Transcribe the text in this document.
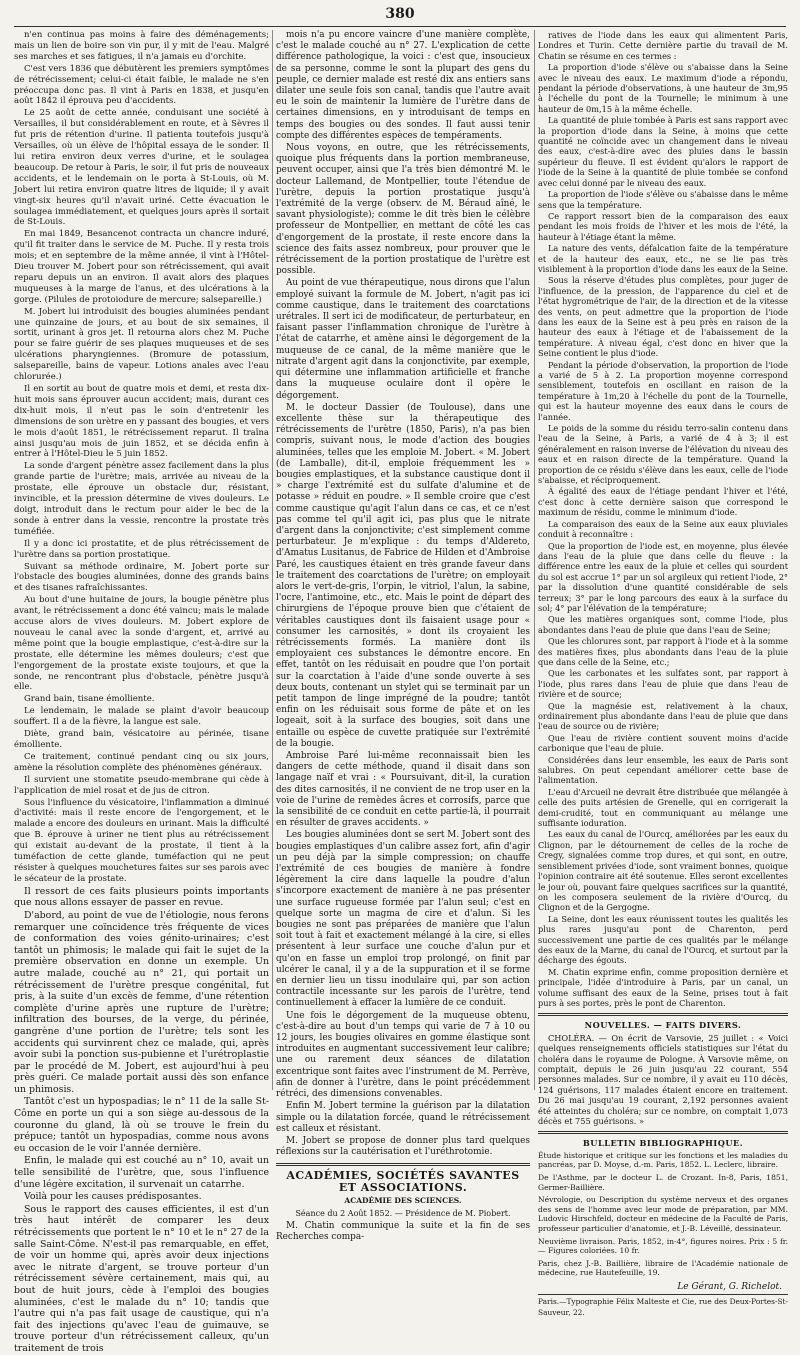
380

n'en continua pas moins à faire des déménagements; mais un lien de boire son vin pur, il y mit de l'eau. Malgré ses marches et ses fatigues, il n'a jamais eu d'orchite.

C'est vers 1836 que débutèrent les premiers symptômes de rétrécissement; celui-ci était faible, le malade ne s'en préoccupa donc pas. Il vint à Paris en 1838, et jusqu'en août 1842 il éprouva peu d'accidents.

Le 25 août de cette année, conduisant une société à Versailles, il but considérablement en route, et à Sèvres il fut pris de rétention d'urine. Il patienta toutefois jusqu'à Versailles, où un élève de l'hôpital essaya de le sonder. Il lui retira environ deux verres d'urine, et le soulagea beaucoup. De retour à Paris, le soir, il fut pris de nouveaux accidents, et le lendemain on le porta à St-Louis, où M. Jobert lui retira environ quatre litres de liquide; il y avait vingt-six heures qu'il n'avait uriné. Cette évacuation le soulagea immédiatement, et quelques jours après il sortait de St-Louis.

En mai 1849, Besancenot contracta un chancre induré, qu'il fit traiter dans le service de M. Puche. Il y resta trois mois; et en septembre de la même année, il vint à l'Hôtel-Dieu trouver M. Jobert pour son rétrécissement, qui avait reparu depuis un an environ. Il avait alors des plaques muqueuses à la marge de l'anus, et des ulcérations à la gorge. (Pilules de protoiodure de mercure; salsepareille.)

M. Jobert lui introduisit des bougies aluminées pendant une quinzaine de jours, et au bout de six semaines, il sortit, urinant à gros jet. Il retourna alors chez M. Puche pour se faire guérir de ses plaques muqueuses et de ses ulcérations pharyngiennes. (Bromure de potassium, salsepareille, bains de vapeur. Lotions anales avec l'eau chlorurée.)

Il en sortit au bout de quatre mois et demi, et resta dix-huit mois sans éprouver aucun accident; mais, durant ces dix-huit mois, il n'eut pas le soin d'entretenir les dimensions de son urètre en y passant des bougies, et vers le mois d'août 1851, le rétrécissement reparut. Il traîna ainsi jusqu'au mois de juin 1852, et se décida enfin à entrer à l'Hôtel-Dieu le 5 juin 1852.

La sonde d'argent pénètre assez facilement dans la plus grande partie de l'urètre; mais, arrivée au niveau de la prostate, elle éprouve un obstacle dur, résistant, invincible, et la pression détermine de vives douleurs. Le doigt, introduit dans le rectum pour aider le bec de la sonde à entrer dans la vessie, rencontre la prostate très tuméfiée.

Il y a donc ici prostatite, et de plus rétrécissement de l'urètre dans sa portion prostatique.

Suivant sa méthode ordinaire, M. Jobert porte sur l'obstacle des bougies aluminées, donne des grands bains et des tisanes rafraîchissantes.

Au bout d'une huitaine de jours, la bougie pénètre plus avant, le rétrécissement a donc été vaincu; mais le malade accuse alors de vives douleurs. M. Jobert explore de nouveau le canal avec la sonde d'argent, et, arrivé au même point que la bougie emplastique, c'est-à-dire sur la prostate, elle détermine les mêmes douleurs; c'est que l'engorgement de la prostate existe toujours, et que la sonde, ne rencontrant plus d'obstacle, pénètre jusqu'à elle.

Grand bain, tisane émolliente.

Le lendemain, le malade se plaint d'avoir beaucoup souffert. Il a de la fièvre, la langue est sale.

Diète, grand bain, vésicatoire au périnée, tisane émolliente.

Ce traitement, continué pendant cinq ou six jours, amène la résolution complète des phénomènes généraux.

Il survient une stomatite pseudo-membrane qui cède à l'application de miel rosat et de jus de citron.

Sous l'influence du vésicatoire, l'inflammation a diminué d'activité: mais il reste encore de l'engorgement, et le malade a encore des douleurs en urinant. Mais la difficulté que B. éprouve à uriner ne tient plus au rétrécissement qui existait au-devant de la prostate, il tient à la tuméfaction de cette glande, tuméfaction qui ne peut résister à quelques mouchetures faites sur ses parois avec le sécateur de la prostate.

Il ressort de ces faits plusieurs points importants que nous allons essayer de passer en revue.

D'abord, au point de vue de l'étiologie, nous ferons remarquer une coïncidence très fréquente de vices de conformation des voies génito-urinaires; c'est tantôt un phimosis; le malade qui fait le sujet de la première observation en donne un exemple. Un autre malade, couché au n° 21, qui portait un rétrécissement de l'urètre presque congénital, fut pris, à la suite d'un excès de femme, d'une rétention complète d'urine après une rupture de l'urètre; infiltration des bourses, de la verge, du périnée, gangrène d'une portion de l'urètre; tels sont les accidents qui survinrent chez ce malade, qui, après avoir subi la ponction sus-pubienne et l'urétroplastie par le procédé de M. Jobert, est aujourd'hui à peu près guéri. Ce malade portait aussi dès son enfance un phimosis.

Tantôt c'est un hypospadias; le n° 11 de la salle St-Côme en porte un qui a son siège au-dessous de la couronne du gland, là où se trouve le frein du prépuce; tantôt un hypospadias, comme nous avons eu occasion de le voir l'année dernière.

Enfin, le malade qui est couché au n° 10, avait un telle sensibilité de l'urètre, que, sous l'influence d'une légère excitation, il survenait un catarrhe.

Voilà pour les causes prédisposantes.

Sous le rapport des causes efficientes, il est d'un très haut intérêt de comparer les deux rétrécissements que portent le n° 10 et le n° 27 de la salle Saint-Côme. N'est-il pas remarquable, en effet, de voir un homme qui, après avoir deux injections avec le nitrate d'argent, se trouve porteur d'un rétrécissement sévère certainement, mais qui, au bout de huit jours, cède à l'emploi des bougies aluminées, c'est le malade du n° 10; tandis que l'autre qui n'a pas fait usage de caustique, qui n'a fait des injections qu'avec l'eau de guimauve, se trouve porteur d'un rétrécissement calleux, qu'un traitement de trois

mois n'a pu encore vaincre d'une manière complète, c'est le malade couché au n° 27. L'explication de cette différence pathologique, la voici : c'est que, insoucieux de sa personne, comme le sont la plupart des gens du peuple, ce dernier malade est resté dix ans entiers sans dilater une seule fois son canal, tandis que l'autre avait eu le soin de maintenir la lumière de l'urètre dans de certaines dimensions, en y introduisant de temps en temps des bougies ou des sondes. Il faut aussi tenir compte des différentes espèces de tempéraments.

Nous voyons, en outre, que les rétrécissements, quoique plus fréquents dans la portion membraneuse, peuvent occuper, ainsi que l'a très bien démontré M. le docteur Lallemand, de Montpellier, toute l'étendue de l'urètre, depuis la portion prostatique jusqu'à l'extrémité de la verge (observ. de M. Béraud aîné, le savant physiologiste); comme le dit très bien le célèbre professeur de Montpellier, en mettant de côté les cas d'engorgement de la prostate, il reste encore dans la science des faits assez nombreux, pour prouver que le rétrécissement de la portion prostatique de l'urètre est possible.

Au point de vue thérapeutique, nous dirons que l'alun employé suivant la formule de M. Jobert, n'agit pas ici comme caustique, dans le traitement des coarctations urétrales. Il sert ici de modificateur, de perturbateur, en faisant passer l'inflammation chronique de l'urètre à l'état de catarrhe, et amène ainsi le dégorgement de la muqueuse de ce canal, de la même manière que le nitrate d'argent agit dans la conjonctivite, par exemple, qui détermine une inflammation artificielle et franche dans la muqueuse oculaire dont il opère le dégorgement.

M. le docteur Dassier (de Toulouse), dans une excellente thèse sur la thérapeutique des rétrécissements de l'urètre (1850, Paris), n'a pas bien compris, suivant nous, le mode d'action des bougies aluminées, telles que les emploie M. Jobert. « M. Jobert (de Lamballe), dit-il, emploie fréquemment les » bougies emplastiques, et la substance caustique dont il » charge l'extrémité est du sulfate d'alumine et de potasse » réduit en poudre. » Il semble croire que c'est comme caustique qu'agit l'alun dans ce cas, et ce n'est pas comme tel qu'il agit ici, pas plus que le nitrate d'argent dans la conjonctivite; c'est simplement comme perturbateur. Je m'explique : du temps d'Aldereto, d'Amatus Lusitanus, de Fabrice de Hilden et d'Ambroise Paré, les caustiques étaient en très grande faveur dans le traitement des coarctations de l'urètre; on employait alors le vert-de-gris, l'orpin, le vitriol, l'alun, la sabine, l'ocre, l'antimoine, etc., etc. Mais le point de départ des chirurgiens de l'époque prouve bien que c'étaient de véritables caustiques dont ils faisaient usage pour « consumer les carnosités, » dont ils croyaient les rétrécissements formés. La manière dont ils employaient ces substances le démontre encore. En effet, tantôt on les réduisait en poudre que l'on portait sur la coarctation à l'aide d'une sonde ouverte à ses deux bouts, contenant un stylet qui se terminait par un petit tampon de linge imprégné de la poudre; tantôt enfin on les réduisait sous forme de pâte et on les logeait, soit à la surface des bougies, soit dans une entaille ou espèce de cuvette pratiquée sur l'extrémité de la bougie.

Ambroise Paré lui-même reconnaissait bien les dangers de cette méthode, quand il disait dans son langage naïf et vrai : « Poursuivant, dit-il, la curation des dites carnosités, il ne convient de ne trop user en la voie de l'urine de remèdes âcres et corrosifs, parce que la sensibilité de ce conduit en cette partie-là, il pourrait en résulter de graves accidents. »

Les bougies aluminées dont se sert M. Jobert sont des bougies emplastiques d'un calibre assez fort, afin d'agir un peu déjà par la simple compression; on chauffe l'extrémité de ces bougies de manière à fondre légèrement la cire dans laquelle la poudre d'alun s'incorpore exactement de manière à ne pas présenter une surface rugueuse formée par l'alun seul; c'est en quelque sorte un magma de cire et d'alun. Si les bougies ne sont pas préparées de manière que l'alun soit tout à fait et exactement mélangé à la cire, si elles présentent à leur surface une couche d'alun pur et qu'on en fasse un emploi trop prolongé, on finit par ulcérer le canal, il y a de la suppuration et il se forme en dernier lieu un tissu inodulaire qui, par son action contractile incessante sur les parois de l'urètre, tend continuellement à effacer la lumière de ce conduit.

Une fois le dégorgement de la muqueuse obtenu, c'est-à-dire au bout d'un temps qui varie de 7 à 10 ou 12 jours, les bougies olivaires en gomme élastique sont introduites en augmentant successivement leur calibre; une ou rarement deux séances de dilatation excentrique sont faites avec l'instrument de M. Perrève, afin de donner à l'urètre, dans le point précédemment rétréci, des dimensions convenables.

Enfin M. Jobert termine la guérison par la dilatation simple ou la dilatation forcée, quand le rétrécissement est calleux et résistant.

M. Jobert se propose de donner plus tard quelques réflexions sur la cautérisation et l'uréthrotomie.

ACADÉMIES, SOCIÉTÉS SAVANTES ET ASSOCIATIONS.
ACADÉMIE DES SCIENCES.
Séance du 2 Août 1852. — Présidence de M. Piobert.

M. Chatin communique la suite et la fin de ses Recherches compa-

ratives de l'iode dans les eaux qui alimentent Paris, Londres et Turin. Cette dernière partie du travail de M. Chatin se résume en ces termes :

La proportion d'iode s'élève ou s'abaisse dans la Seine avec le niveau des eaux. Le maximum d'iode a répondu, pendant la période d'observations, à une hauteur de 3m,95 à l'échelle du pont de la Tournelle; le minimum à une hauteur de 0m,15 à la même échelle.

La quantité de pluie tombée à Paris est sans rapport avec la proportion d'iode dans la Seine, à moins que cette quantité ne coïncide avec un changement dans le niveau des eaux, c'est-à-dire avec des pluies dans le bassin supérieur du fleuve. Il est évident qu'alors le rapport de l'iode de la Seine à la quantité de pluie tombée se confond avec celui donné par le niveau des eaux.

La proportion de l'iode s'élève ou s'abaisse dans le même sens que la température.

Ce rapport ressort bien de la comparaison des eaux pendant les mois froids de l'hiver et les mois de l'été, la hauteur à l'étiage étant la même.

La nature des vents, défalcation faite de la température et de la hauteur des eaux, etc., ne se lie pas très visiblement à la proportion d'iode dans les eaux de la Seine.

Sous la réserve d'études plus complètes, pour juger de l'influence, de la pression, de l'apparence du ciel et de l'état hygrométrique de l'air, de la direction et de la vitesse des vents, on peut admettre que la proportion de l'iode dans les eaux de la Seine est à peu près en raison de la hauteur des eaux à l'étiage et de l'abaissement de la température. À niveau égal, c'est donc en hiver que la Seine contient le plus d'iode.

Pendant la période d'observation, la proportion de l'iode a varié de 5 à 2. La proportion moyenne correspond sensiblement, toutefois en oscillant en raison de la température à 1m,20 à l'échelle du pont de la Tournelle, qui est la hauteur moyenne des eaux dans le cours de l'année.

Le poids de la somme du résidu terro-salin contenu dans l'eau de la Seine, à Paris, a varié de 4 à 3; il est généralement en raison inverse de l'élévation du niveau des eaux et en raison directe de la température. Quand la proportion de ce résidu s'élève dans les eaux, celle de l'iode s'abaisse, et réciproquement.

À égalité des eaux de l'étiage pendant l'hiver et l'été, c'est donc à cette dernière saison que correspond le maximum de résidu, comme le minimum d'iode.

La comparaison des eaux de la Seine aux eaux pluviales conduit à reconnaître :

Que la proportion de l'iode est, en moyenne, plus élevée dans l'eau de la pluie que dans celle du fleuve : la différence entre les eaux de la pluie et celles qui sourdent du sol est accrue 1° par un sol argileux qui retient l'iode, 2° par la dissolution d'une quantité considérable de sels terreux; 3° par le long parcours des eaux à la surface du sol; 4° par l'élévation de la température;

Que les matières organiques sont, comme l'iode, plus abondantes dans l'eau de pluie que dans l'eau de Seine;

Que les chlorures sont, par rapport à l'iode et à la somme des matières fixes, plus abondants dans l'eau de la pluie que dans celle de la Seine, etc.;

Que les carbonates et les sulfates sont, par rapport à l'iode, plus rares dans l'eau de pluie que dans l'eau de rivière et de source;

Que la magnésie est, relativement à la chaux, ordinairement plus abondante dans l'eau de pluie que dans l'eau de source ou de rivière;

Que l'eau de rivière contient souvent moins d'acide carbonique que l'eau de pluie.

Considérées dans leur ensemble, les eaux de Paris sont salubres. On peut cependant améliorer cette base de l'alimentation.

L'eau d'Arcueil ne devrait être distribuée que mélangée à celle des puits artésien de Grenelle, qui en corrigerait la demi-crudité, tout en communiquant au mélange une suffisante ioduration.

Les eaux du canal de l'Ourcq, améliorées par les eaux du Clignon, par le détournement de celles de la roche de Cregy, signalées comme trop dures, et qui sont, en outre, sensiblement privées d'iode, sont vraiment bonnes, quoique l'opinion contraire ait été soutenue. Elles seront excellentes le jour où, pouvant faire quelques sacrifices sur la quantité, on les composera seulement de la rivière d'Ourcq, du Clignon et de la Gergogne.

La Seine, dont les eaux réunissent toutes les qualités les plus rares jusqu'au pont de Charenton, perd successivement une partie de ces qualités par le mélange des eaux de la Marne, du canal de l'Ourcq, et surtout par la décharge des égouts.

M. Chatin exprime enfin, comme proposition dernière et principale, l'idée d'introduire à Paris, par un canal, un volume suffisant des eaux de la Seine, prises tout à fait purs à ses portes, près le pont de Charenton.

NOUVELLES. — FAITS DIVERS.

CHOLÉRA. — On écrit de Varsovie, 25 juillet : « Voici quelques renseignements officiels statistiques sur l'état du choléra dans le royaume de Pologne. À Varsovie même, on comptait, depuis le 26 juin jusqu'au 22 courant, 554 personnes malades. Sur ce nombre, il y avait eu 110 décès, 124 guérisons, 117 malades étaient encore en traitement. Du 26 mai jusqu'au 19 courant, 2,192 personnes avaient été atteintes du choléra; sur ce nombre, on comptait 1,073 décès et 755 guérisons. »

BULLETIN BIBLIOGRAPHIQUE.

Étude historique et critique sur les fonctions et les maladies du pancréas, par D. Moyse, d.-m. Paris, 1852. L. Leclerc, libraire.

De l'Asthme, par le docteur L. de Crozant. In-8, Paris, 1851, Germer-Baillière.

Névrologie, ou Description du système nerveux et des organes des sens de l'homme avec leur mode de préparation, par MM. Ludovic Hirschfeld, docteur en médecine de la Faculté de Paris, professeur particulier d'anatomie, et J.-B. Léveillé, dessinateur.

Neuvième livraison. Paris, 1852, in-4°, figures noires. Prix : 5 fr. — Figures coloriées. 10 fr.

Paris, chez J.-B. Baillière, libraire de l'Académie nationale de médecine, rue Hautefeuille, 19.

Le Gérant, G. Richelot.
Paris.—Typographie Félix Malteste et Cie, rue des Deux-Portes-St-Sauveur, 22.
